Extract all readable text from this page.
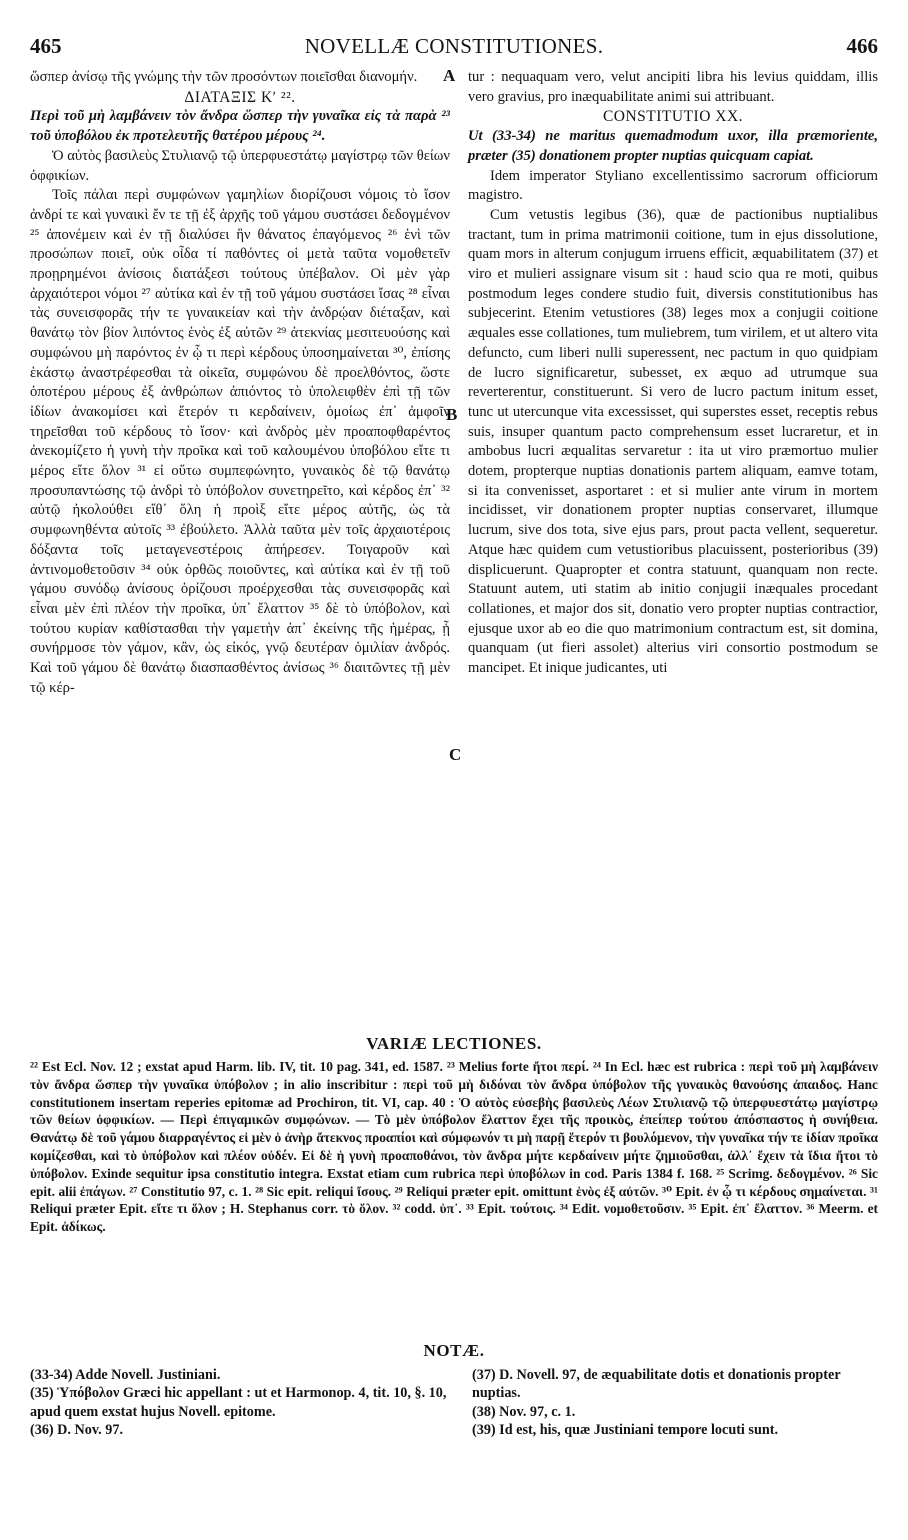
465	NOVELLÆ CONSTITUTIONES.	466

ὥσπερ ἀνίσῳ τῆς γνώμης τὴν τῶν προσόντων ποιεῖσθαι διανομήν.

ΔΙΑΤΑΞΙΣ Κʹ ²².

Περὶ τοῦ μὴ λαμβάνειν τὸν ἄνδρα ὥσπερ τὴν γυναῖκα εἰς τὰ παρὰ ²³ τοῦ ὑποβόλου ἐκ προτελευτῆς θατέρου μέρους ²⁴.

Ὁ αὐτὸς βασιλεὺς Στυλιανῷ τῷ ὑπερφυεστάτῳ μαγίστρῳ τῶν θείων ὀφφικίων.

Τοῖς πάλαι περὶ συμφώνων γαμηλίων διορίζουσι νόμοις τὸ ἴσον ἀνδρί τε καὶ γυναικὶ ἔν τε τῇ ἐξ ἀρχῆς τοῦ γάμου συστάσει δεδογμένον ²⁵ ἀπονέμειν καὶ ἐν τῇ διαλύσει ἣν θάνατος ἐπαγόμενος ²⁶ ἑνὶ τῶν προσώπων ποιεῖ, οὐκ οἶδα τί παθόντες οἱ μετὰ ταῦτα νομοθετεῖν προῃρημένοι ἀνίσοις διατάξεσι τούτους ὑπέβαλον. Οἱ μὲν γὰρ ἀρχαιότεροι νόμοι ²⁷ αὐτίκα καὶ ἐν τῇ τοῦ γάμου συστάσει ἴσας ²⁸ εἶναι τὰς συνεισφορᾶς τήν τε γυναικείαν καὶ τὴν ἀνδρῴαν διέταξαν, καὶ θανάτῳ τὸν βίον λιπόντος ἑνὸς ἐξ αὐτῶν ²⁹ ἀτεκνίας μεσιτευούσης καὶ συμφώνου μὴ παρόντος ἐν ᾧ τι περὶ κέρδους ὑποσημαίνεται ³⁰, ἐπίσης ἑκάστῳ ἀναστρέφεσθαι τὰ οἰκεῖα, συμφώνου δὲ προελθόντος, ὥστε ὁποτέρου μέρους ἐξ ἀνθρώπων ἀπιόντος τὸ ὑπολειφθὲν ἐπὶ τῇ τῶν ἰδίων ἀνακομίσει καὶ ἕτερόν τι κερδαίνειν, ὁμοίως ἐπ᾽ ἀμφοῖν τηρεῖσθαι τοῦ κέρδους τὸ ἴσον· καὶ ἀνδρὸς μὲν προαποφθαρέντος ἀνεκομίζετο ἡ γυνὴ τὴν προῖκα καὶ τοῦ καλουμένου ὑποβόλου εἴτε τι μέρος εἴτε ὅλον ³¹ εἰ οὕτω συμπεφώνητο, γυναικὸς δὲ τῷ θανάτῳ προσυπαντώσης τῷ ἀνδρὶ τὸ ὑπόβολον συνετηρεῖτο, καὶ κέρδος ἐπ᾽ ³² αὐτῷ ἠκολούθει εἴθ᾽ ὅλη ἡ προὶξ εἴτε μέρος αὐτῆς, ὡς τὰ συμφωνηθέντα αὐτοῖς ³³ ἐβούλετο. Ἀλλὰ ταῦτα μὲν τοῖς ἀρχαιοτέροις δόξαντα τοῖς μεταγενεστέροις ἀπήρεσεν. Τοιγαροῦν καὶ ἀντινομοθετοῦσιν ³⁴ οὐκ ὀρθῶς ποιοῦντες, καὶ αὐτίκα καὶ ἐν τῇ τοῦ γάμου συνόδῳ ἀνίσους ὁρίζουσι προέρχεσθαι τὰς συνεισφορᾶς καὶ εἶναι μὲν ἐπὶ πλέον τὴν προῖκα, ὑπ᾽ ἔλαττον ³⁵ δὲ τὸ ὑπόβολον, καὶ τούτου κυρίαν καθίστασθαι τὴν γαμετὴν ἀπ᾽ ἐκείνης τῆς ἡμέρας, ᾗ συνήρμοσε τὸν γάμον, κἂν, ὡς εἰκός, γνῷ δευτέραν ὁμιλίαν ἀνδρός. Καὶ τοῦ γάμου δὲ θανάτῳ διασπασθέντος ἀνίσως ³⁶ διαιτῶντες τῇ μὲν τῷ κέρ-

A
B
C

tur : nequaquam vero, velut ancipiti libra his levius quiddam, illis vero gravius, pro inæquabilitate animi sui attribuant.

CONSTITUTIO XX.

Ut (33-34) ne maritus quemadmodum uxor, illa præmoriente, præter (35) donationem propter nuptias quicquam capiat.

Idem imperator Styliano excellentissimo sacrorum officiorum magistro.

Cum vetustis legibus (36), quæ de pactionibus nuptialibus tractant, tum in prima matrimonii coitione, tum in ejus dissolutione, quam mors in alterum conjugum irruens efficit, æquabilitatem (37) et viro et mulieri assignare visum sit : haud scio qua re moti, quibus postmodum leges condere studio fuit, diversis constitutionibus has subjecerint. Etenim vetustiores (38) leges mox a conjugii coitione æquales esse collationes, tum muliebrem, tum virilem, et ut altero vita defuncto, cum liberi nulli superessent, nec pactum in quo quidpiam de lucro significaretur, subesset, ex æquo ad utrumque sua reverterentur, constituerunt. Si vero de lucro pactum initum esset, tunc ut utercunque vita excessisset, qui superstes esset, receptis rebus suis, insuper quantum pacto comprehensum esset lucraretur, et in ambobus lucri æqualitas servaretur : ita ut viro præmortuo mulier dotem, propterque nuptias donationis partem aliquam, eamve totam, si ita convenisset, asportaret : et si mulier ante virum in mortem incidisset, vir donationem propter nuptias conservaret, illumque lucrum, sive dos tota, sive ejus pars, prout pacta vellent, sequeretur. Atque hæc quidem cum vetustioribus placuissent, posterioribus (39) displicuerunt. Quapropter et contra statuunt, quanquam non recte. Statuunt autem, uti statim ab initio conjugii inæquales procedant collationes, et major dos sit, donatio vero propter nuptias contractior, ejusque uxor ab eo die quo matrimonium contractum est, sit domina, quanquam (ut fieri assolet) alterius viri consortio postmodum se mancipet. Et inique judicantes, uti

VARIÆ LECTIONES.
²² Est Ecl. Nov. 12 ; exstat apud Harm. lib. IV, tit. 10 pag. 341, ed. 1587. ²³ Melius forte ἤτοι περί. ²⁴ In Ecl. hæc est rubrica : περὶ τοῦ μὴ λαμβάνειν τὸν ἄνδρα ὥσπερ τὴν γυναῖκα ὑπόβολον ; in alio inscribitur : περὶ τοῦ μὴ διδόναι τὸν ἄνδρα ὑπόβολον τῆς γυναικὸς θανούσης ἀπαιδος. Hanc constitutionem insertam reperies epitomæ ad Prochiron, tit. VI, cap. 40 : Ὁ αὐτὸς εὐσεβὴς βασιλεὺς Λέων Στυλιανῷ τῷ ὑπερφυεστάτῳ μαγίστρῳ τῶν θείων ὀφφικίων. — Περὶ ἐπιγαμικῶν συμφώνων. — Τὸ μὲν ὑπόβολον ἔλαττον ἔχει τῆς προικὸς, ἐπείπερ τούτου ἀπόσπαστος ἡ συνήθεια. Θανάτῳ δὲ τοῦ γάμου διαρραγέντος εἰ μὲν ὁ ἀνὴρ ἄτεκνος προαπίοι καὶ σύμφωνόν τι μὴ παρῇ ἕτερόν τι βουλόμενον, τὴν γυναῖκα τήν τε ἰδίαν προῖκα κομίζεσθαι, καὶ τὸ ὑπόβολον καὶ πλέον οὐδέν. Εἰ δὲ ἡ γυνὴ προαποθάνοι, τὸν ἄνδρα μήτε κερδαίνειν μήτε ζημιοῦσθαι, ἀλλ᾽ ἔχειν τὰ ἴδια ἤτοι τὸ ὑπόβολον. Exinde sequitur ipsa constitutio integra. Exstat etiam cum rubrica περὶ ὑποβόλων in cod. Paris 1384 f. 168. ²⁵ Scrimg. δεδογμένον. ²⁶ Sic epit. alii ἐπάγων. ²⁷ Constitutio 97, c. 1. ²⁸ Sic epit. reliqui ἴσους. ²⁹ Reliqui præter epit. omittunt ἑνὸς ἐξ αὐτῶν. ³⁰ Epit. ἐν ᾧ τι κέρδους σημαίνεται. ³¹ Reliqui præter Epit. εἴτε τι ὅλον ; H. Stephanus corr. τὸ ὅλον. ³² codd. ὑπ᾽. ³³ Epit. τούτοις. ³⁴ Edit. νομοθετοῦσιν. ³⁵ Epit. ἐπ᾽ ἔλαττον. ³⁶ Meerm. et Epit. ἀδίκως.
NOTÆ.

(33-34) Adde Novell. Justiniani.

(35) Ὑπόβολον Græci hic appellant : ut et Harmonop. 4, tit. 10, §. 10, apud quem exstat hujus Novell. epitome.

(36) D. Nov. 97.

(37) D. Novell. 97, de æquabilitate dotis et donationis propter nuptias.

(38) Nov. 97, c. 1.

(39) Id est, his, quæ Justiniani tempore locuti sunt.
